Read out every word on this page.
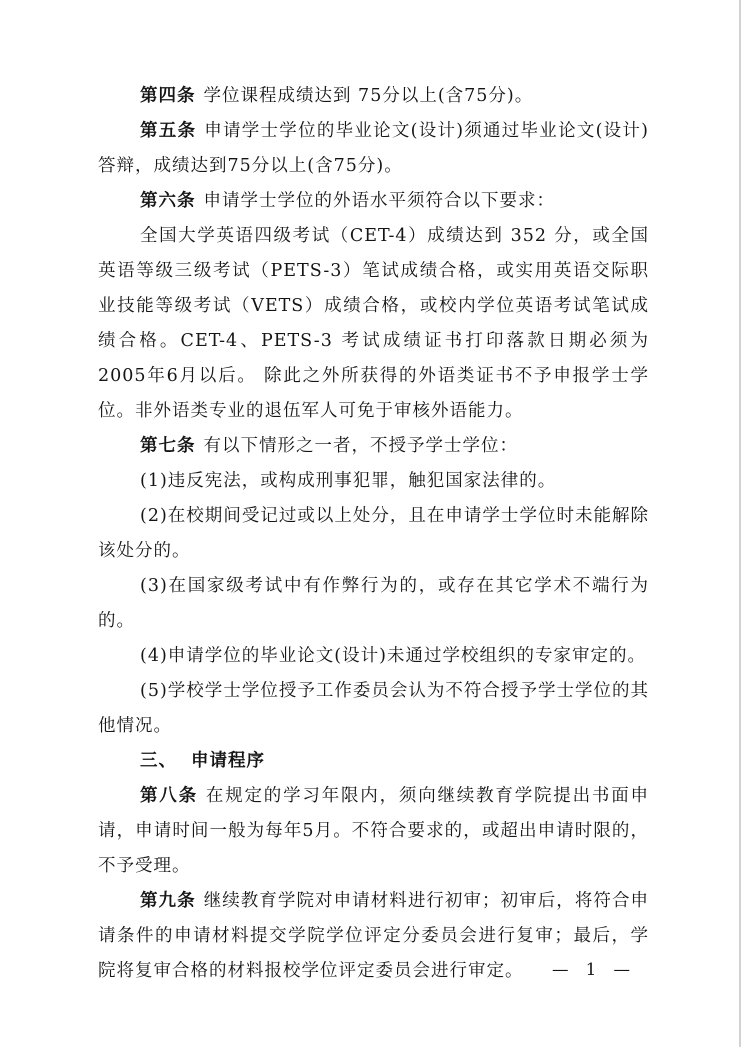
第四条 学位课程成绩达到 75分以上(含75分)。

第五条 申请学士学位的毕业论文(设计)须通过毕业论文(设计)答辩，成绩达到75分以上(含75分)。

第六条 申请学士学位的外语水平须符合以下要求：

全国大学英语四级考试（CET-4）成绩达到 352 分，或全国英语等级三级考试（PETS-3）笔试成绩合格，或实用英语交际职业技能等级考试（VETS）成绩合格，或校内学位英语考试笔试成绩合格。CET-4、PETS-3 考试成绩证书打印落款日期必须为2005年6月以后。 除此之外所获得的外语类证书不予申报学士学位。非外语类专业的退伍军人可免于审核外语能力。

第七条 有以下情形之一者，不授予学士学位：

(1)违反宪法，或构成刑事犯罪，触犯国家法律的。

(2)在校期间受记过或以上处分，且在申请学士学位时未能解除该处分的。

(3)在国家级考试中有作弊行为的，或存在其它学术不端行为的。

(4)申请学位的毕业论文(设计)未通过学校组织的专家审定的。

(5)学校学士学位授予工作委员会认为不符合授予学士学位的其他情况。

三、 申请程序

第八条 在规定的学习年限内，须向继续教育学院提出书面申请，申请时间一般为每年5月。不符合要求的，或超出申请时限的，不予受理。

第九条 继续教育学院对申请材料进行初审；初审后，将符合申请条件的申请材料提交学院学位评定分委员会进行复审；最后，学院将复审合格的材料报校学位评定委员会进行审定。	— 1 —
